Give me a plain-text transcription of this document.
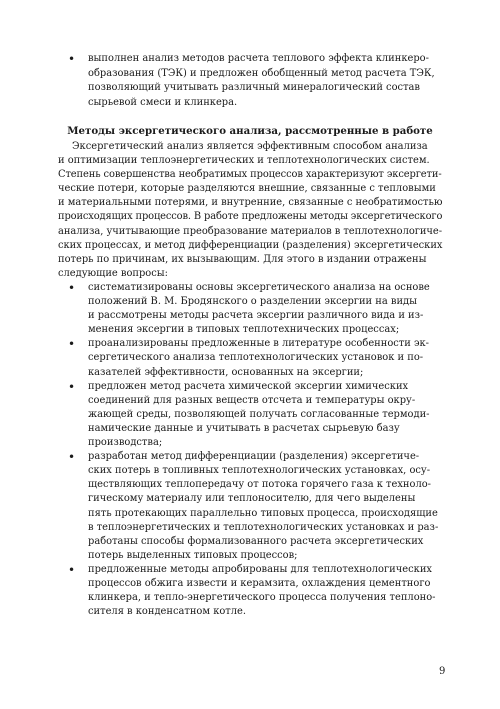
• выполнен анализ методов расчета теплового эффекта клинкеро-
образования (ТЭК) и предложен обобщенный метод расчета ТЭК,
позволяющий учитывать различный минералогический состав
сырьевой смеси и клинкера.
Методы эксергетического анализа, рассмотренные в работе
Эксергетический анализ является эффективным способом анализа
и оптимизации теплоэнергетических и теплотехнологических систем.
Степень совершенства необратимых процессов характеризуют эксергети-
ческие потери, которые разделяются внешние, связанные с тепловыми
и материальными потерями, и внутренние, связанные с необратимостью
происходящих процессов. В работе предложены методы эксергетического
анализа, учитывающие преобразование материалов в теплотехнологиче-
ских процессах, и метод дифференциации (разделения) эксергетических
потерь по причинам, их вызывающим. Для этого в издании отражены
следующие вопросы:
• систематизированы основы эксергетического анализа на основе
положений В. М. Бродянского о разделении эксергии на виды
и рассмотрены методы расчета эксергии различного вида и из-
менения эксергии в типовых теплотехнических процессах;
• проанализированы предложенные в литературе особенности эк-
сергетического анализа теплотехнологических установок и по-
казателей эффективности, основанных на эксергии;
• предложен метод расчета химической эксергии химических
соединений для разных веществ отсчета и температуры окру-
жающей среды, позволяющей получать согласованные термоди-
намические данные и учитывать в расчетах сырьевую базу
производства;
• разработан метод дифференциации (разделения) эксергетиче-
ских потерь в топливных теплотехнологических установках, осу-
ществляющих теплопередачу от потока горячего газа к техноло-
гическому материалу или теплоносителю, для чего выделены
пять протекающих параллельно типовых процесса, происходящие
в теплоэнергетических и теплотехнологических установках и раз-
работаны способы формализованного расчета эксергетических
потерь выделенных типовых процессов;
• предложенные методы апробированы для теплотехнологических
процессов обжига извести и керамзита, охлаждения цементного
клинкера, и тепло-энергетического процесса получения теплоно-
сителя в конденсатном котле.
9
